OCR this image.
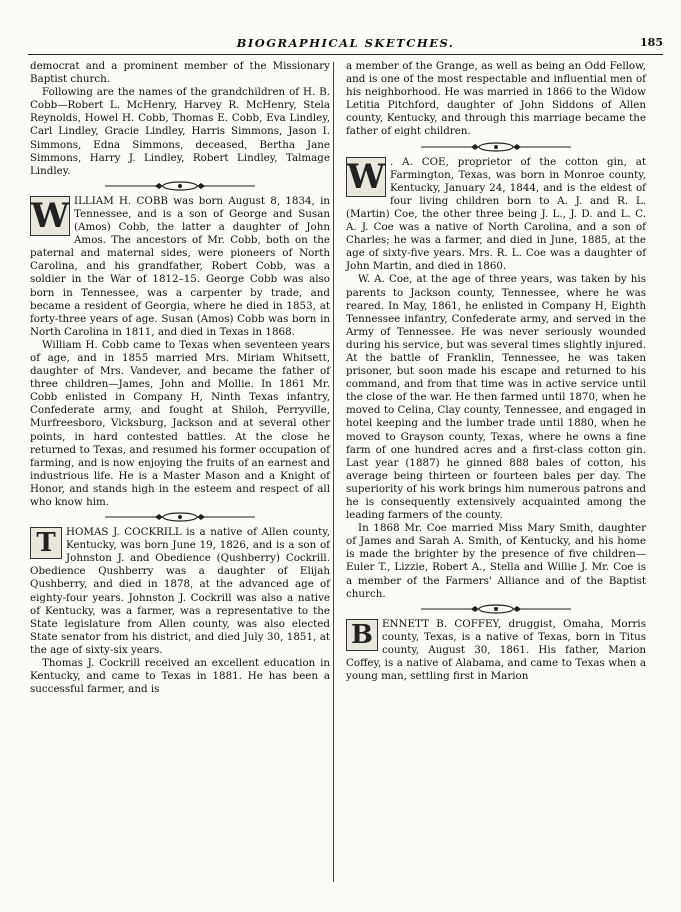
BIOGRAPHICAL SKETCHES.	185

democrat and a prominent member of the Missionary Baptist church.

Following are the names of the grandchildren of H. B. Cobb—Robert L. McHenry, Harvey R. McHenry, Stela Reynolds, Howel H. Cobb, Thomas E. Cobb, Eva Lindley, Carl Lindley, Gracie Lindley, Harris Simmons, Jason I. Simmons, Edna Simmons, deceased, Bertha Jane Simmons, Harry J. Lindley, Robert Lindley, Talmage Lindley.

W ILLIAM H. COBB was born August 8, 1834, in Tennessee, and is a son of George and Susan (Amos) Cobb, the latter a daughter of John Amos. The ancestors of Mr. Cobb, both on the paternal and maternal sides, were pioneers of North Carolina, and his grandfather, Robert Cobb, was a soldier in the War of 1812–15. George Cobb was also born in Tennessee, was a carpenter by trade, and became a resident of Georgia, where he died in 1853, at forty-three years of age. Susan (Amos) Cobb was born in North Carolina in 1811, and died in Texas in 1868.

William H. Cobb came to Texas when seventeen years of age, and in 1855 married Mrs. Miriam Whitsett, daughter of Mrs. Vandever, and became the father of three children—James, John and Mollie. In 1861 Mr. Cobb enlisted in Company H, Ninth Texas infantry, Confederate army, and fought at Shiloh, Perryville, Murfreesboro, Vicksburg, Jackson and at several other points, in hard contested battles. At the close he returned to Texas, and resumed his former occupation of farming, and is now enjoying the fruits of an earnest and industrious life. He is a Master Mason and a Knight of Honor, and stands high in the esteem and respect of all who know him.

T	HOMAS J. COCKRILL is a native of Allen county, Kentucky, was born June 19, 1826, and is a son of Johnston J. and Obedience (Qushberry) Cockrill. Obedience Qushberry was a daughter of Elijah Qushberry, and died in 1878, at the advanced age of eighty-four years. Johnston J. Cockrill was also a native of Kentucky, was a farmer, was a representative to the State legislature from Allen county, was also elected State senator from his district, and died July 30, 1851, at the age of sixty-six years.

Thomas J. Cockrill received an excellent education in Kentucky, and came to Texas in 1881. He has been a successful farmer, and is

a member of the Grange, as well as being an Odd Fellow, and is one of the most respectable and influential men of his neighborhood. He was married in 1866 to the Widow Letitia Pitchford, daughter of John Siddons of Allen county, Kentucky, and through this marriage became the father of eight children.

W . A. COE, proprietor of the cotton gin, at Farmington, Texas, was born in Monroe county, Kentucky, January 24, 1844, and is the eldest of four living children born to A. J. and R. L. (Martin) Coe, the other three being J. L., J. D. and L. C. A. J. Coe was a native of North Carolina, and a son of Charles; he was a farmer, and died in June, 1885, at the age of sixty-five years. Mrs. R. L. Coe was a daughter of John Martin, and died in 1860.

W. A. Coe, at the age of three years, was taken by his parents to Jackson county, Tennessee, where he was reared. In May, 1861, he enlisted in Company H, Eighth Tennessee infantry, Confederate army, and served in the Army of Tennessee. He was never seriously wounded during his service, but was several times slightly injured. At the battle of Franklin, Tennessee, he was taken prisoner, but soon made his escape and returned to his command, and from that time was in active service until the close of the war. He then farmed until 1870, when he moved to Celina, Clay county, Tennessee, and engaged in hotel keeping and the lumber trade until 1880, when he moved to Grayson county, Texas, where he owns a fine farm of one hundred acres and a first-class cotton gin. Last year (1887) he ginned 888 bales of cotton, his average being thirteen or fourteen bales per day. The superiority of his work brings him numerous patrons and he is consequently extensively acquainted among the leading farmers of the county.

In 1868 Mr. Coe married Miss Mary Smith, daughter of James and Sarah A. Smith, of Kentucky, and his home is made the brighter by the presence of five children—Euler T., Lizzie, Robert A., Stella and Willie J. Mr. Coe is a member of the Farmers' Alliance and of the Baptist church.

B ENNETT B. COFFEY, druggist, Omaha, Morris county, Texas, is a native of Texas, born in Titus county, August 30, 1861. His father, Marion Coffey, is a native of Alabama, and came to Texas when a young man, settling first in Marion
